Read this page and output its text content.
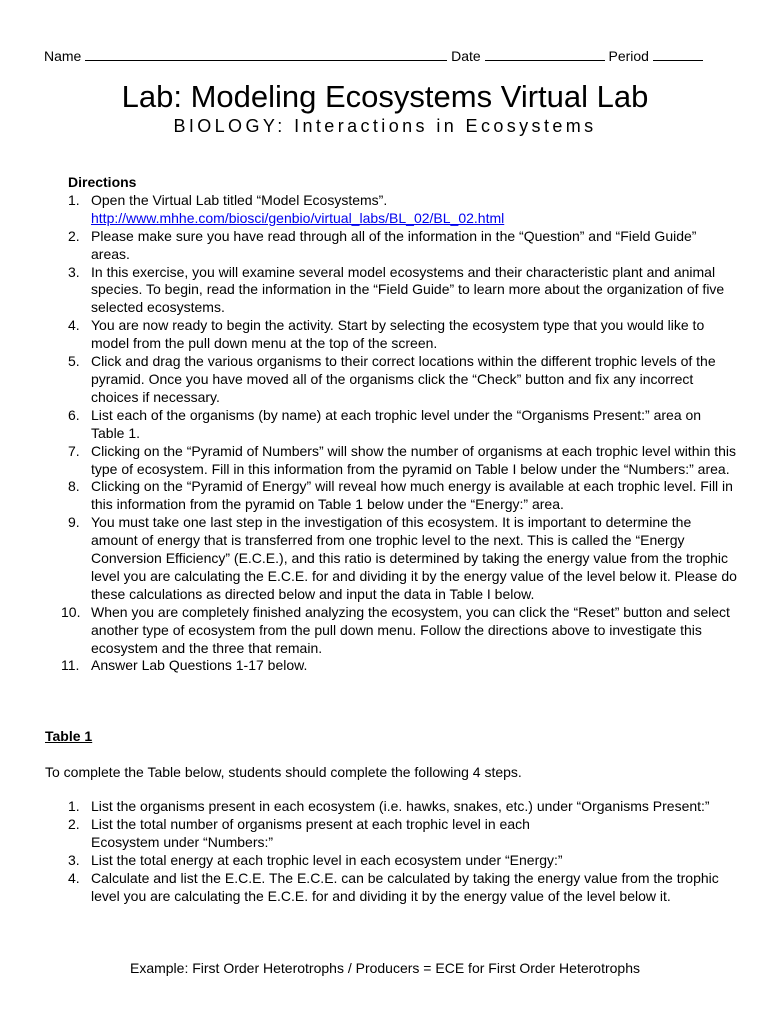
Name	Date	Period
Lab: Modeling Ecosystems Virtual Lab
BIOLOGY: Interactions in Ecosystems
Directions
1. Open the Virtual Lab titled “Model Ecosystems”.
http://www.mhhe.com/biosci/genbio/virtual_labs/BL_02/BL_02.html
2. Please make sure you have read through all of the information in the “Question” and “Field Guide” areas.
3. In this exercise, you will examine several model ecosystems and their characteristic plant and animal species. To begin, read the information in the “Field Guide” to learn more about the organization of five selected ecosystems.
4. You are now ready to begin the activity. Start by selecting the ecosystem type that you would like to model from the pull down menu at the top of the screen.
5. Click and drag the various organisms to their correct locations within the different trophic levels of the pyramid. Once you have moved all of the organisms click the “Check” button and fix any incorrect choices if necessary.
6. List each of the organisms (by name) at each trophic level under the “Organisms Present:” area on Table 1.
7. Clicking on the “Pyramid of Numbers” will show the number of organisms at each trophic level within this type of ecosystem. Fill in this information from the pyramid on Table I below under the “Numbers:” area.
8. Clicking on the “Pyramid of Energy” will reveal how much energy is available at each trophic level. Fill in this information from the pyramid on Table 1 below under the “Energy:” area.
9. You must take one last step in the investigation of this ecosystem. It is important to determine the amount of energy that is transferred from one trophic level to the next. This is called the “Energy Conversion Efficiency” (E.C.E.), and this ratio is determined by taking the energy value from the trophic level you are calculating the E.C.E. for and dividing it by the energy value of the level below it. Please do these calculations as directed below and input the data in Table I below.
10. When you are completely finished analyzing the ecosystem, you can click the “Reset” button and select another type of ecosystem from the pull down menu. Follow the directions above to investigate this ecosystem and the three that remain.
11. Answer Lab Questions 1-17 below.
Table 1
To complete the Table below, students should complete the following 4 steps.
1. List the organisms present in each ecosystem (i.e. hawks, snakes, etc.) under “Organisms Present:”
2. List the total number of organisms present at each trophic level in each
Ecosystem under “Numbers:”
3. List the total energy at each trophic level in each ecosystem under “Energy:”
4. Calculate and list the E.C.E. The E.C.E. can be calculated by taking the energy value from the trophic level you are calculating the E.C.E. for and dividing it by the energy value of the level below it.
Example: First Order Heterotrophs / Producers = ECE for First Order Heterotrophs
